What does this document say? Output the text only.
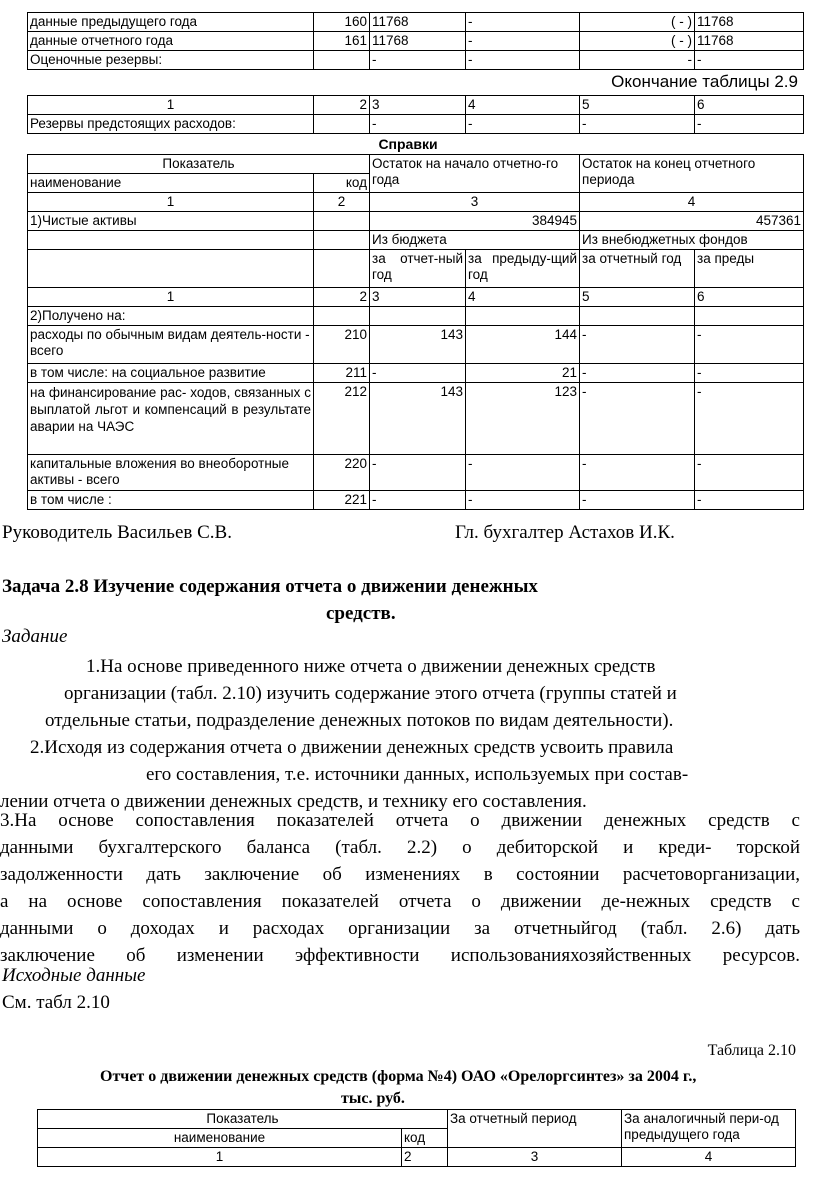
данные предыдущего года	160	11768	-	( - )	11768
данные отчетного года	161	11768	-	( - )	11768
Оценочные резервы:		-	-	-	-
Окончание таблицы 2.9
1	2	3	4	5	6
Резервы предстоящих расходов:		-	-	-	-
Справки
Показатель		Остаток на начало отчетно-го года		Остаток на конец отчетного периода	
наименование	код				
1	2	3		4	
1)Чистые активы		384945		457361	
		Из бюджета		Из внебюджетных фондов	
		за отчет-ный год	за предыду-щий год	за отчетный год	за преды
1	2	3	4	5	6
2)Получено на:					
расходы по обычным видам деятель-ности - всего	210	143	144	-	-
в том числе: на социальное развитие	211	-	21	-	-
на финансирование рас- ходов, связанных с выплатой льгот и компенсаций в результате аварии на ЧАЭС	212	143	123	-	-
капитальные вложения во внеоборотные активы - всего	220	-	-	-	-
в том числе :	221	-	-	-	-
Руководитель Васильев С.В.	Гл. бухгалтер Астахов И.К.
Задача 2.8 Изучение содержания отчета о движении денежных
средств.
Задание
1.На основе приведенного ниже отчета о движении денежных средств
организации (табл. 2.10) изучить содержание этого отчета (группы статей и
отдельные статьи, подразделение денежных потоков по видам деятельности).
2.Исходя из содержания отчета о движении денежных средств усвоить правила
его составления, т.е. источники данных, используемых при состав-
лении отчета о движении денежных средств, и технику его составления.
3.На основе сопоставления показателей отчета о движении денежных средств с
данными бухгалтерского баланса (табл. 2.2) о дебиторской и креди- торской
задолженности дать заключение об изменениях в состоянии расчетоворганизации,
а на основе сопоставления показателей отчета о движении де-нежных средств с
данными о доходах и расходах организации за отчетныйгод (табл. 2.6) дать
заключение об изменении эффективности использованияхозяйственных ресурсов.
Исходные данные
См. табл 2.10
Таблица 2.10
Отчет о движении денежных средств (форма №4) ОАО «Орелоргсинтез» за 2004 г.,
тыс. руб.
Показатель		За отчетный период	За аналогичный пери-од предыдущего года
наименование	код		
1	2	3	4
